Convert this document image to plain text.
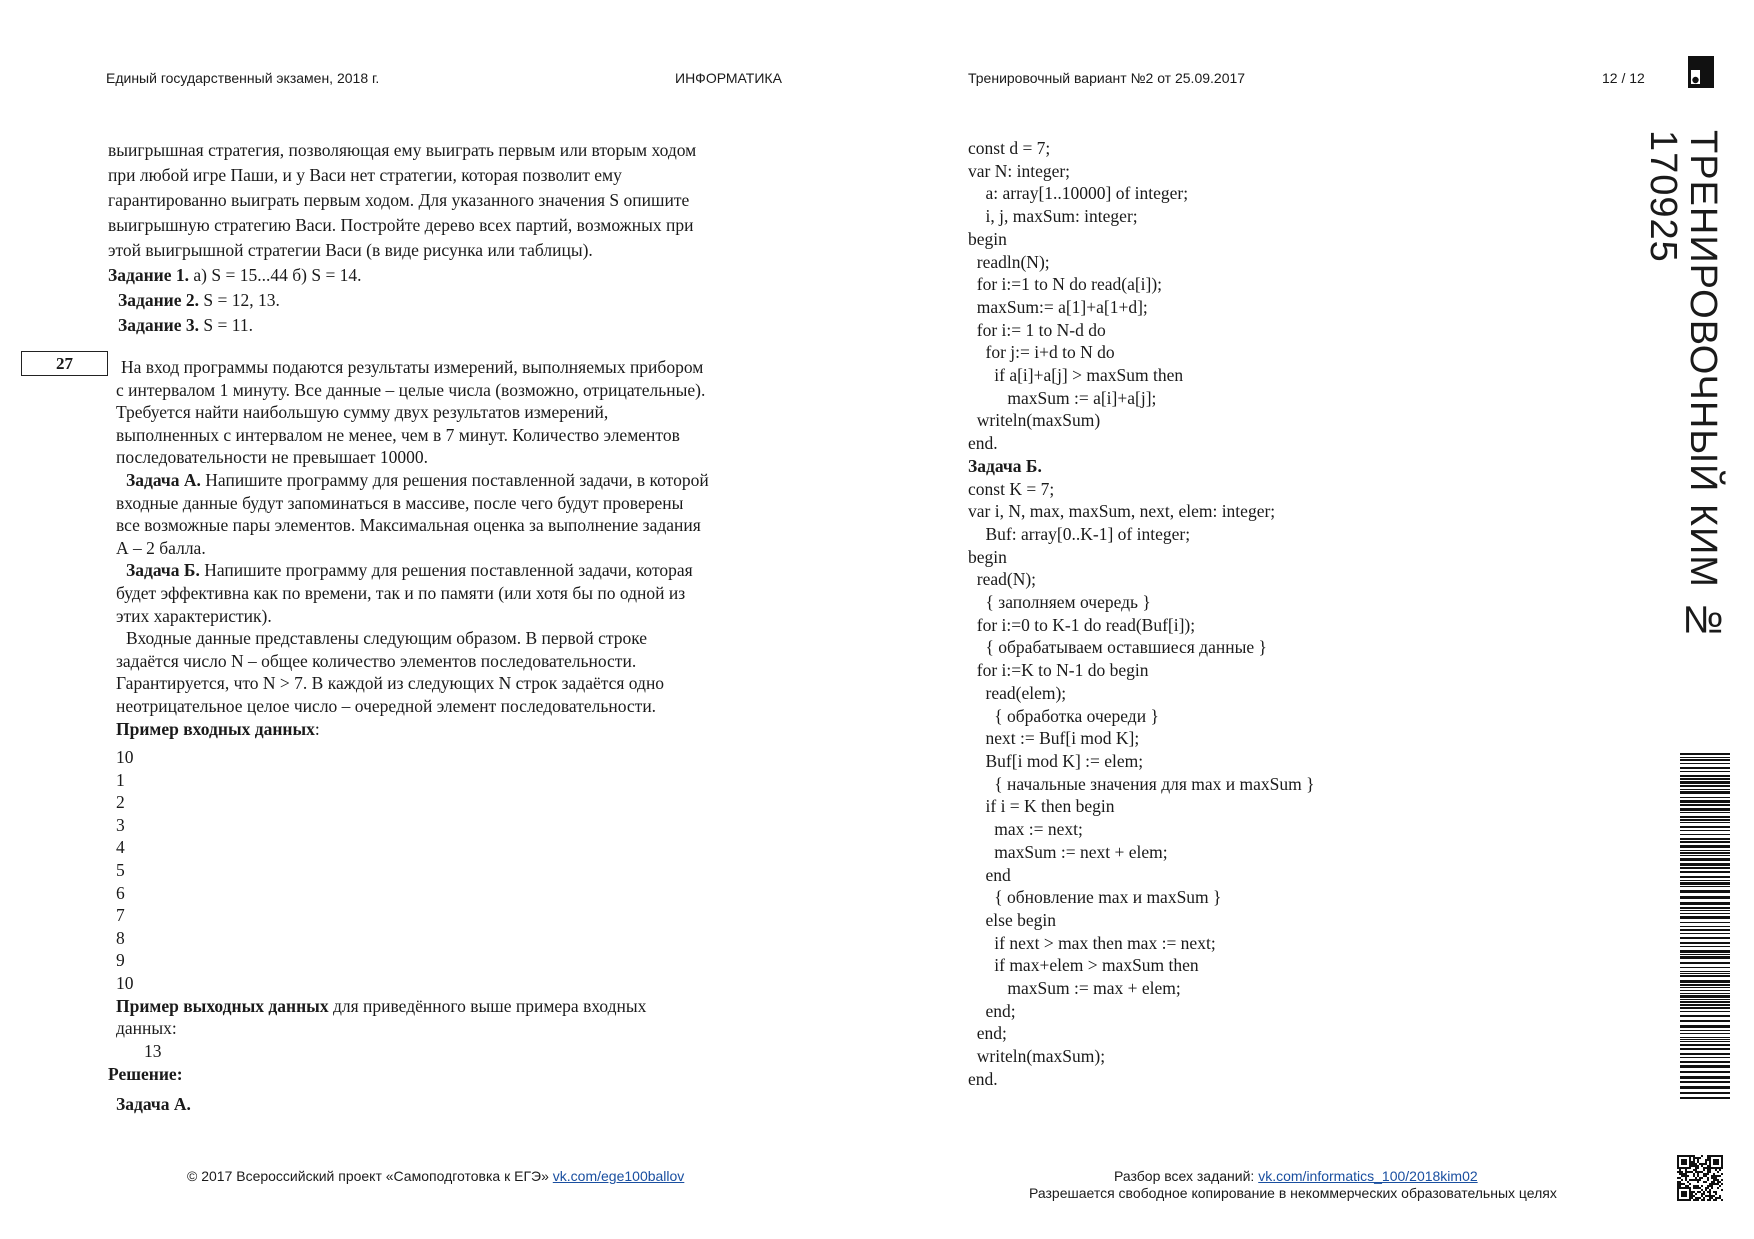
Единый государственный экзамен, 2018 г.	ИНФОРМАТИКА	Тренировочный вариант №2 от 25.09.2017	12 / 12
27

выигрышная стратегия, позволяющая ему выиграть первым или вторым ходом

при любой игре Паши, и у Васи нет стратегии, которая позволит ему

гарантированно выиграть первым ходом. Для указанного значения S опишите

выигрышную стратегию Васи. Постройте дерево всех партий, возможных при

этой выигрышной стратегии Васи (в виде рисунка или таблицы).

Задание 1. а) S = 15...44 б) S = 14.

Задание 2. S = 12, 13.

Задание 3. S = 11.

На вход программы подаются результаты измерений, выполняемых прибором

с интервалом 1 минуту. Все данные – целые числа (возможно, отрицательные).

Требуется найти наибольшую сумму двух результатов измерений,

выполненных с интервалом не менее, чем в 7 минут. Количество элементов

последовательности не превышает 10000.

Задача А. Напишите программу для решения поставленной задачи, в которой

входные данные будут запоминаться в массиве, после чего будут проверены

все возможные пары элементов. Максимальная оценка за выполнение задания

А – 2 балла.

Задача Б. Напишите программу для решения поставленной задачи, которая

будет эффективна как по времени, так и по памяти (или хотя бы по одной из

этих характеристик).

Входные данные представлены следующим образом. В первой строке

задаётся число N – общее количество элементов последовательности.

Гарантируется, что N > 7. В каждой из следующих N строк задаётся одно

неотрицательное целое число – очередной элемент последовательности.

Пример входных данных:

10

1

2

3

4

5

6

7

8

9

10

Пример выходных данных для приведённого выше примера входных

данных:

13

Решение:

Задача А.

const d = 7;
var N: integer;
a: array[1..10000] of integer;
i, j, maxSum: integer;
begin
readln(N);
for i:=1 to N do read(a[i]);
maxSum:= a[1]+a[1+d];
for i:= 1 to N-d do
for j:= i+d to N do
if a[i]+a[j] > maxSum then
maxSum := a[i]+a[j];
writeln(maxSum)
end.
Задача Б.
const K = 7;
var i, N, max, maxSum, next, elem: integer;
Buf: array[0..K-1] of integer;
begin
read(N);
{ заполняем очередь }
for i:=0 to K-1 do read(Buf[i]);
{ обрабатываем оставшиеся данные }
for i:=K to N-1 do begin
read(elem);
{ обработка очереди }
next := Buf[i mod K];
Buf[i mod K] := elem;
{ начальные значения для max и maxSum }
if i = K then begin
max := next;
maxSum := next + elem;
end
{ обновление max и maxSum }
else begin
if next > max then max := next;
if max+elem > maxSum then
maxSum := max + elem;
end;
end;
writeln(maxSum);
end.
ТРЕНИРОВОЧНЫЙ КИМ № 170925
© 2017 Всероссийский проект «Самоподготовка к ЕГЭ» vk.com/ege100ballov	Разбор всех заданий: vk.com/informatics_100/2018kim02
Разрешается свободное копирование в некоммерческих образовательных целях
